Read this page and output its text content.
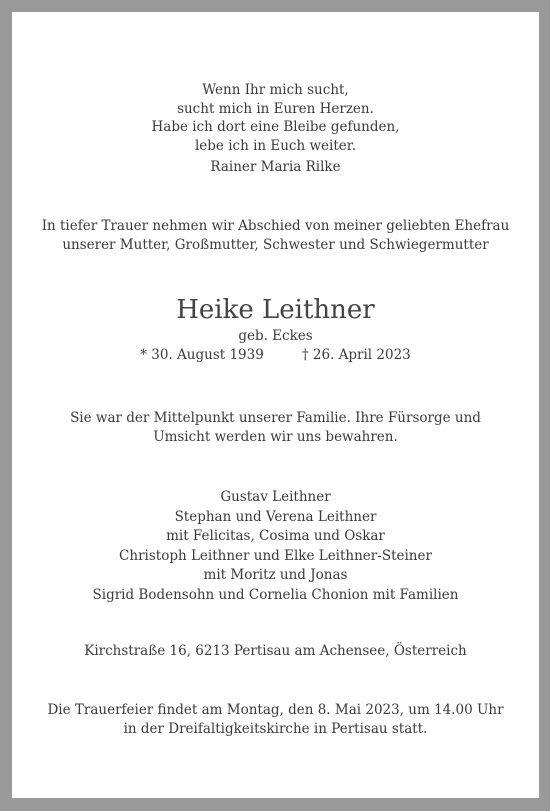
Wenn Ihr mich sucht,
sucht mich in Euren Herzen.
Habe ich dort eine Bleibe gefunden,
lebe ich in Euch weiter.
Rainer Maria Rilke
In tiefer Trauer nehmen wir Abschied von meiner geliebten Ehefrau
unserer Mutter, Großmutter, Schwester und Schwiegermutter
Heike Leithner
geb. Eckes
* 30. August 1939	† 26. April 2023
Sie war der Mittelpunkt unserer Familie. Ihre Fürsorge und
Umsicht werden wir uns bewahren.
Gustav Leithner
Stephan und Verena Leithner
mit Felicitas, Cosima und Oskar
Christoph Leithner und Elke Leithner-Steiner
mit Moritz und Jonas
Sigrid Bodensohn und Cornelia Chonion mit Familien
Kirchstraße 16, 6213 Pertisau am Achensee, Österreich
Die Trauerfeier findet am Montag, den 8. Mai 2023, um 14.00 Uhr
in der Dreifaltigkeitskirche in Pertisau statt.
